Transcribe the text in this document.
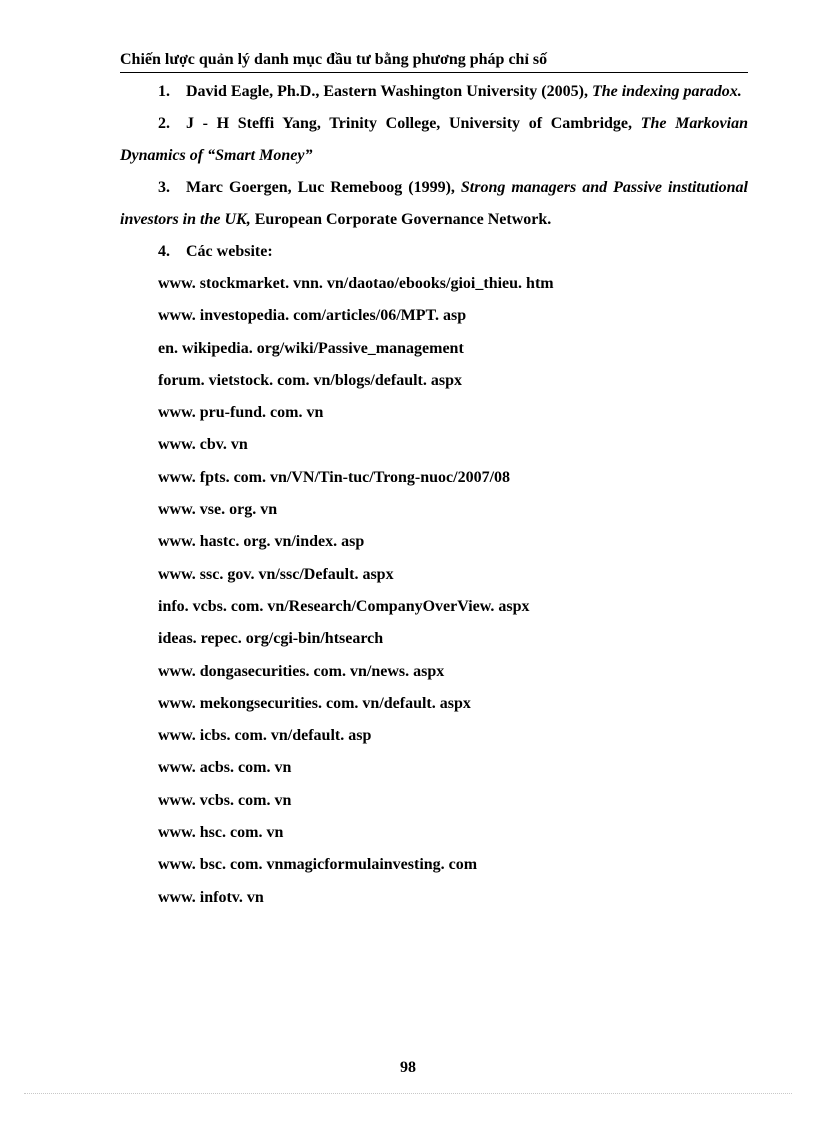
Chiến lược quản lý danh mục đầu tư bằng phương pháp chỉ số
1. David Eagle, Ph.D., Eastern Washington University (2005), The indexing paradox.
2. J - H Steffi Yang, Trinity College, University of Cambridge, The Markovian Dynamics of “Smart Money”
3. Marc Goergen, Luc Remeboog (1999), Strong managers and Passive institutional investors in the UK, European Corporate Governance Network.
4. Các website:
www. stockmarket. vnn. vn/daotao/ebooks/gioi_thieu. htm
www. investopedia. com/articles/06/MPT. asp
en. wikipedia. org/wiki/Passive_management
forum. vietstock. com. vn/blogs/default. aspx
www. pru-fund. com. vn
www. cbv. vn
www. fpts. com. vn/VN/Tin-tuc/Trong-nuoc/2007/08
www. vse. org. vn
www. hastc. org. vn/index. asp
www. ssc. gov. vn/ssc/Default. aspx
info. vcbs. com. vn/Research/CompanyOverView. aspx
ideas. repec. org/cgi-bin/htsearch
www. dongasecurities. com. vn/news. aspx
www. mekongsecurities. com. vn/default. aspx
www. icbs. com. vn/default. asp
www. acbs. com. vn
www. vcbs. com. vn
www. hsc. com. vn
www. bsc. com. vnmagicformulainvesting. com
www. infotv. vn
98
